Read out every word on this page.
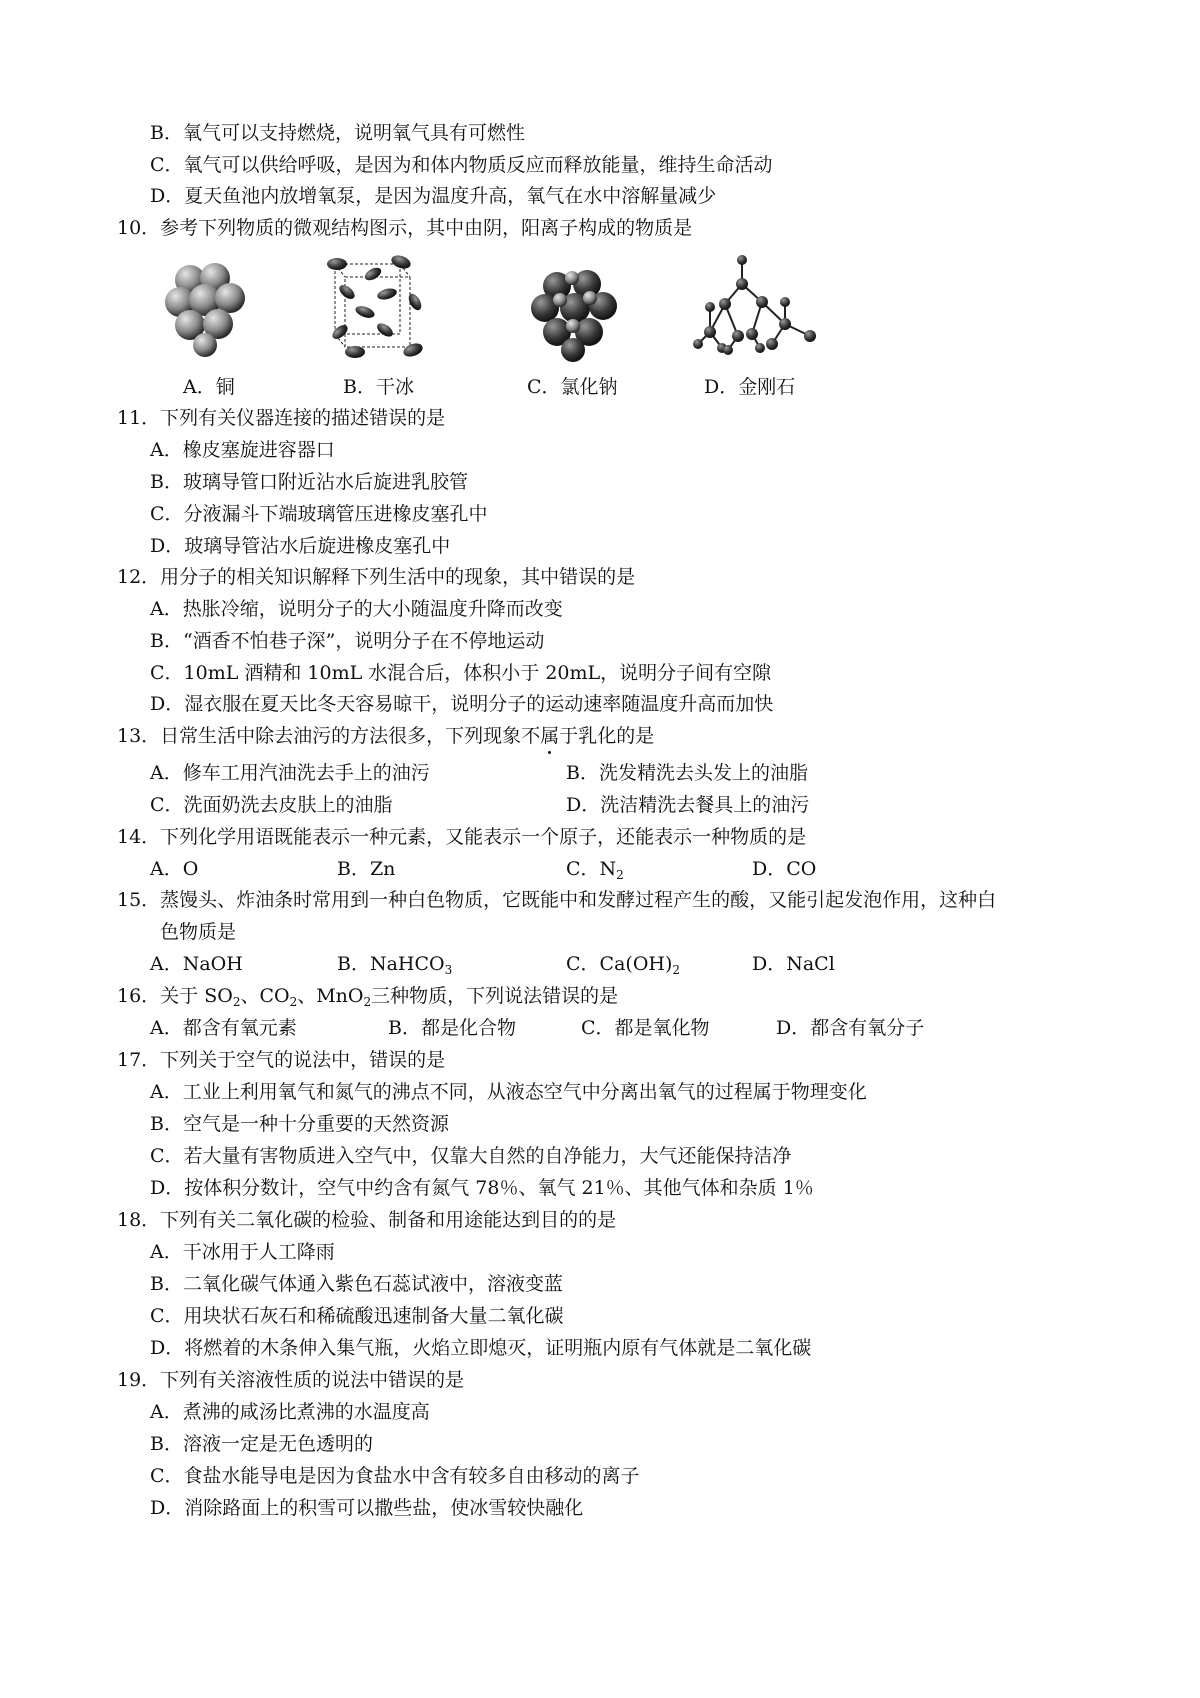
B．氧气可以支持燃烧，说明氧气具有可燃性
C．氧气可以供给呼吸，是因为和体内物质反应而释放能量，维持生命活动
D．夏天鱼池内放增氧泵，是因为温度升高，氧气在水中溶解量减少
10．参考下列物质的微观结构图示，其中由阴，阳离子构成的物质是
A．铜	B．干冰	C．氯化钠	D．金刚石
11．下列有关仪器连接的描述错误的是
A．橡皮塞旋进容器口
B．玻璃导管口附近沾水后旋进乳胶管
C．分液漏斗下端玻璃管压进橡皮塞孔中
D．玻璃导管沾水后旋进橡皮塞孔中
12．用分子的相关知识解释下列生活中的现象，其中错误的是
A．热胀冷缩，说明分子的大小随温度升降而改变
B．“酒香不怕巷子深”，说明分子在不停地运动
C．10mL 酒精和 10mL 水混合后，体积小于 20mL，说明分子间有空隙
D．湿衣服在夏天比冬天容易晾干，说明分子的运动速率随温度升高而加快
13．日常生活中除去油污的方法很多，下列现象不属于乳化的是
A．修车工用汽油洗去手上的油污	B．洗发精洗去头发上的油脂
C．洗面奶洗去皮肤上的油脂	D．洗洁精洗去餐具上的油污
14．下列化学用语既能表示一种元素，又能表示一个原子，还能表示一种物质的是
A．O	B．Zn	C．$N_2$	D．CO
15．蒸馒头、炸油条时常用到一种白色物质，它既能中和发酵过程产生的酸，又能引起发泡作用，这种白
色物质是
A．NaOH	B．NaHCO$_3$	C．$Ca(OH)_2$	D．NaCl
16．关于 $SO_2$、$CO_2$、MnO$_2$三种物质，下列说法错误的是
A．都含有氧元素	B．都是化合物	C．都是氧化物	D．都含有氧分子
17．下列关于空气的说法中，错误的是
A．工业上利用氧气和氮气的沸点不同，从液态空气中分离出氧气的过程属于物理变化
B．空气是一种十分重要的天然资源
C．若大量有害物质进入空气中，仅靠大自然的自净能力，大气还能保持洁净
D．按体积分数计，空气中约含有氮气 78％、氧气 21％、其他气体和杂质 1％
18．下列有关二氧化碳的检验、制备和用途能达到目的的是
A．干冰用于人工降雨
B．二氧化碳气体通入紫色石蕊试液中，溶液变蓝
C．用块状石灰石和稀硫酸迅速制备大量二氧化碳
D．将燃着的木条伸入集气瓶，火焰立即熄灭，证明瓶内原有气体就是二氧化碳
19．下列有关溶液性质的说法中错误的是
A．煮沸的咸汤比煮沸的水温度高
B．溶液一定是无色透明的
C．食盐水能导电是因为食盐水中含有较多自由移动的离子
D．消除路面上的积雪可以撒些盐，使冰雪较快融化
